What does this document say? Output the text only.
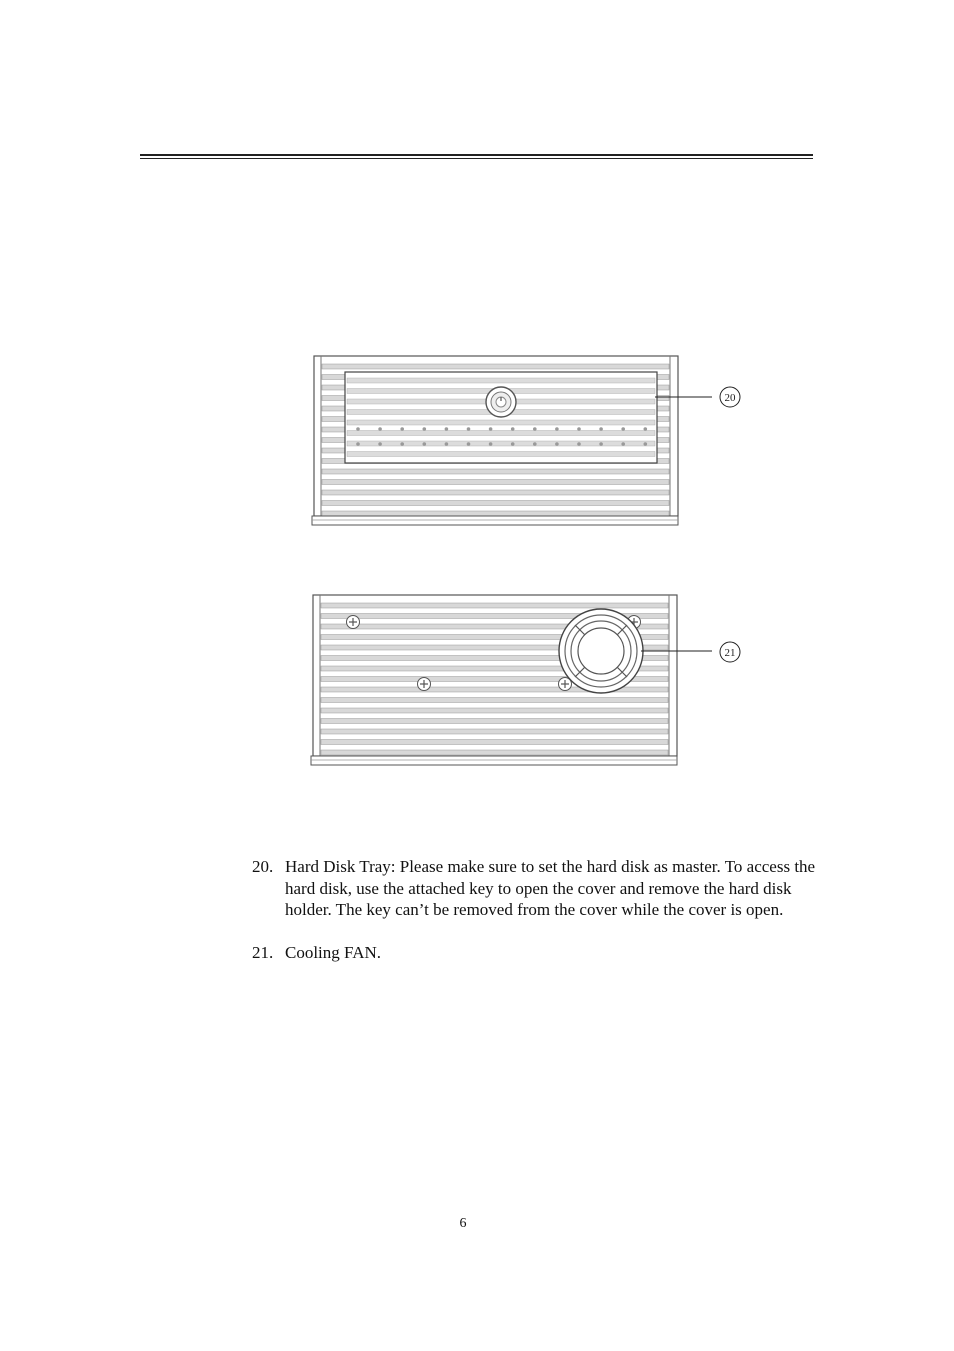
20
21
20. Hard Disk Tray: Please make sure to set the hard disk as master. To access the hard disk, use the attached key to open the cover and remove the hard disk holder. The key can’t be removed from the cover while the cover is open.
21. Cooling FAN.
6
